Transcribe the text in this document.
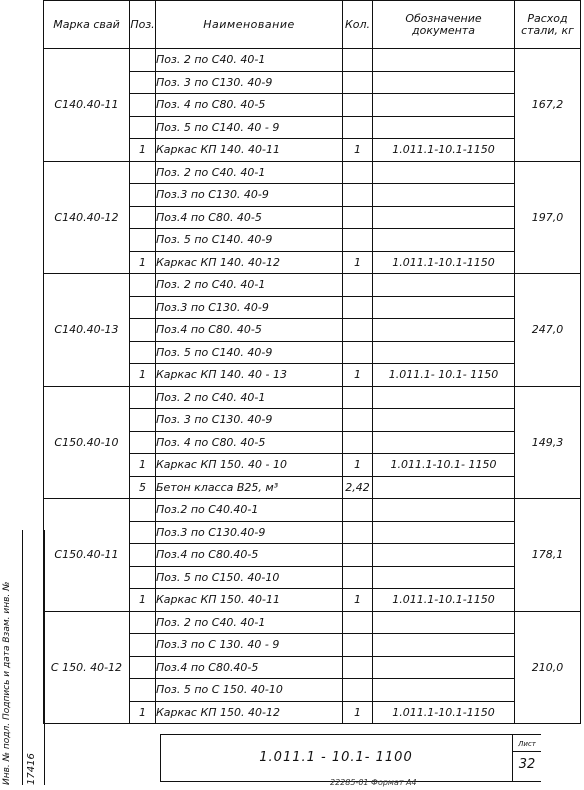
Марка свай	Поз.	Наименование	Кол.	Обозначение документа	Расход стали, кг
С140.40-11		Поз. 2 по С40. 40-1			167,2
		Поз. 3 по С130. 40-9			
		Поз. 4 по С80. 40-5			
		Поз. 5 по С140. 40 - 9			
	1	Каркас КП 140. 40-11	1	1.011.1-10.1-1150	
С140.40-12		Поз. 2 по С40. 40-1			197,0
		Поз.3 по С130. 40-9			
		Поз.4 по С80. 40-5			
		Поз. 5 по С140. 40-9			
	1	Каркас КП 140. 40-12	1	1.011.1-10.1-1150	
С140.40-13		Поз. 2 по С40. 40-1			247,0
		Поз.3 по С130. 40-9			
		Поз.4 по С80. 40-5			
		Поз. 5 по С140. 40-9			
	1	Каркас КП 140. 40 - 13	1	1.011.1- 10.1- 1150	
С150.40-10		Поз. 2 по С40. 40-1			149,3
		Поз. 3 по С130. 40-9			
		Поз. 4 по С80. 40-5			
	1	Каркас КП 150. 40 - 10	1	1.011.1-10.1- 1150	
	5	Бетон класса В25, м³	2,42		
С150.40-11		Поз.2 по С40.40-1			178,1
		Поз.3 по С130.40-9			
		Поз.4 по С80.40-5			
		Поз. 5 по С150. 40-10			
	1	Каркас КП 150. 40-11	1	1.011.1-10.1-1150	
С 150. 40-12		Поз. 2 по С40. 40-1			210,0
		Поз.3 по С 130. 40 - 9			
		Поз.4 по С80.40-5			
		Поз. 5 по С 150. 40-10			
	1	Каркас КП 150. 40-12	1	1.011.1-10.1-1150	
Инв. № подл. Подпись и дата Взам. инв. № 17416	1.011.1 - 10.1- 1100
Лист
32
22285-01 Формат А4
